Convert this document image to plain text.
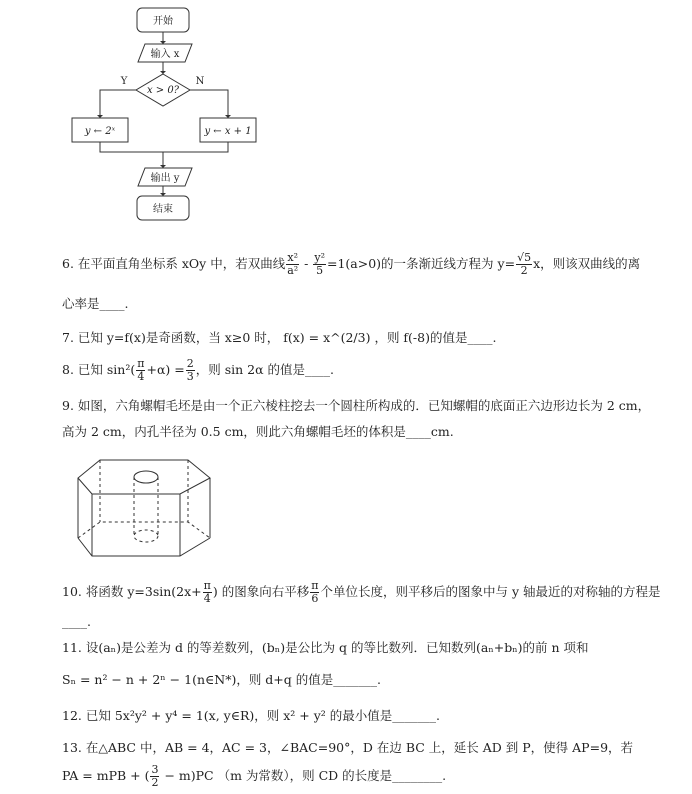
开始
输入 x
x > 0?
Y	N
y ← 2ˣ	y ← x + 1
输出 y
结束
6. 在平面直角坐标系 xOy 中，若双曲线 $\frac{\text{x²}}{\text{a²}} - \frac{\text{y²}}{5} =1(a>0)$的一条渐近线方程为 $y= \frac{√5}{2}$ x，则该双曲线的离
心率是____.
7. 已知 y=f(x)是奇函数，当 x≥0 时， f(x) = x^(2/3) ，则 f(-8)的值是____.
8. 已知 $\sin^2( \frac{\pi}{4} +\alpha) = \frac{2}{3}$ ，则 sin 2α 的值是____.
9. 如图，六角螺帽毛坯是由一个正六棱柱挖去一个圆柱所构成的．已知螺帽的底面正六边形边长为 2 cm，
高为 2 cm，内孔半径为 0.5 cm，则此六角螺帽毛坯的体积是____cm.
10. 将函数 $y=3\sin(2x+ \frac{\pi}{4}$ ) 的图象向右平移 $\frac{\pi}{6}$ 个单位长度，则平移后的图象中与 y 轴最近的对称轴的方程是
____.
11. 设(aₙ)是公差为 d 的等差数列，(bₙ)是公比为 q 的等比数列．已知数列(aₙ+bₙ)的前 n 项和
Sₙ = n² − n + 2ⁿ − 1(n∈N*)，则 d+q 的值是_______.
12. 已知 5x²y² + y⁴ = 1(x, y∈R)，则 x² + y² 的最小值是_______.
13. 在△ABC 中，AB = 4，AC = 3，∠BAC=90°，D 在边 BC 上，延长 AD 到 P，使得 AP=9，若
PA = mPB + ( $\frac{3}{2} - m)PC$ （m 为常数），则 CD 的长度是________.
